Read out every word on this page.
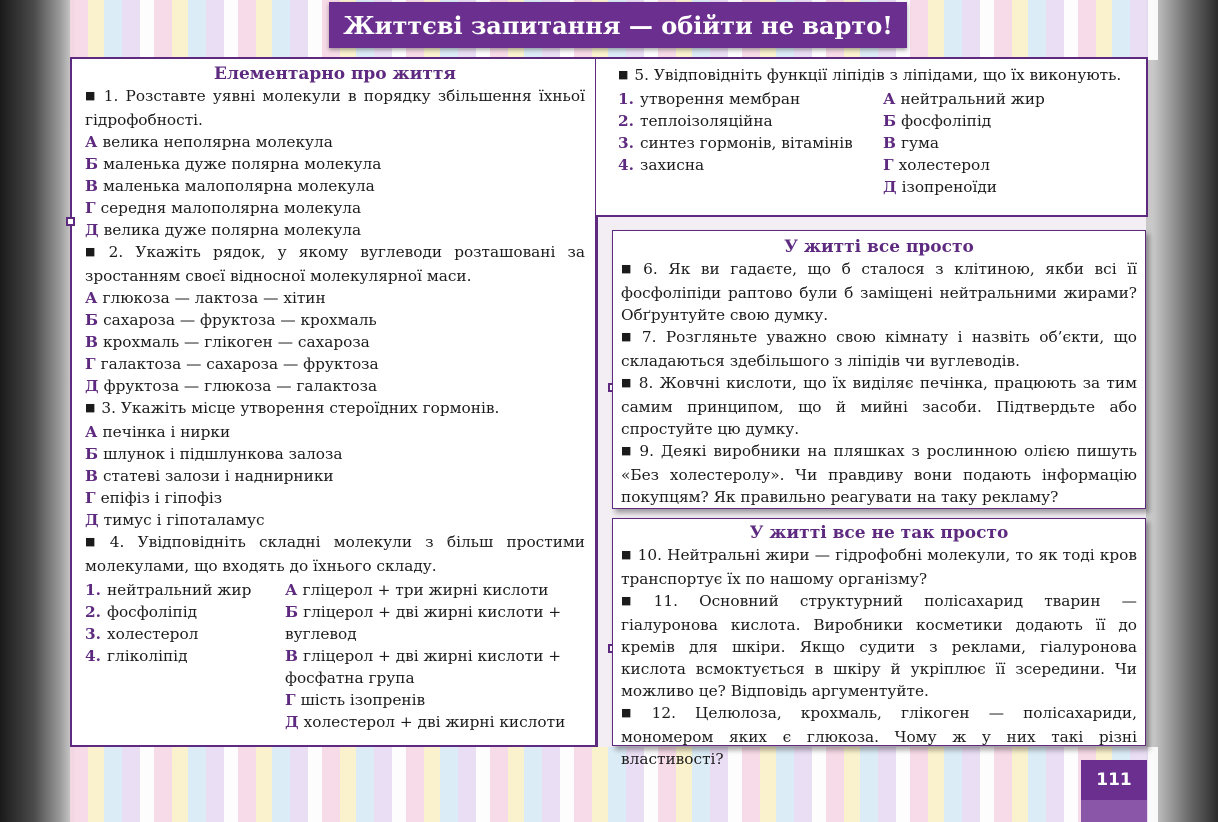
Життєві запитання — обійти не варто!
Елементарно про життя
■ 1. Розставте уявні молекули в порядку збільшення їхньої гідрофобності.
А велика неполярна молекула
Б маленька дуже полярна молекула
В маленька малополярна молекула
Г середня малополярна молекула
Д велика дуже полярна молекула
■ 2. Укажіть рядок, у якому вуглеводи розташовані за зростанням своєї відносної молекулярної маси.
А глюкоза — лактоза — хітин
Б сахароза — фруктоза — крохмаль
В крохмаль — глікоген — сахароза
Г галактоза — сахароза — фруктоза
Д фруктоза — глюкоза — галактоза
■ 3. Укажіть місце утворення стероїдних гормонів.
А печінка і нирки
Б шлунок і підшлункова залоза
В статеві залози і наднирники
Г епіфіз і гіпофіз
Д тимус і гіпоталамус
■ 4. Увідповідніть складні молекули з більш простими молекулами, що входять до їхнього складу.
1. нейтральний жир
2. фосфоліпід
3. холестерол
4. гліколіпід
А гліцерол + три жирні кислоти
Б гліцерол + дві жирні кислоти + вуглевод
В гліцерол + дві жирні кислоти + фосфатна група
Г шість ізопренів
Д холестерол + дві жирні кислоти
■ 5. Увідповідніть функції ліпідів з ліпідами, що їх виконують.
1. утворення мембран
2. теплоізоляційна
3. синтез гормонів, вітамінів
4. захисна
А нейтральний жир
Б фосфоліпід
В гума
Г холестерол
Д ізопреноїди
У житті все просто
■ 6. Як ви гадаєте, що б сталося з клітиною, якби всі її фосфоліпіди раптово були б заміщені нейтральними жирами? Обґрунтуйте свою думку.
■ 7. Розгляньте уважно свою кімнату і назвіть об’єкти, що складаються здебільшого з ліпідів чи вуглеводів.
■ 8. Жовчні кислоти, що їх виділяє печінка, працюють за тим самим принципом, що й мийні засоби. Підтвердьте або спростуйте цю думку.
■ 9. Деякі виробники на пляшках з рослинною олією пишуть «Без холестеролу». Чи правдиву вони подають інформацію покупцям? Як правильно реагувати на таку рекламу?
У житті все не так просто
■ 10. Нейтральні жири — гідрофобні молекули, то як тоді кров транспортує їх по нашому організму?
■ 11. Основний структурний полісахарид тварин — гіалуронова кислота. Виробники косметики додають її до кремів для шкіри. Якщо судити з реклами, гіалуронова кислота всмоктується в шкіру й укріплює її зсередини. Чи можливо це? Відповідь аргументуйте.
■ 12. Целюлоза, крохмаль, глікоген — полісахариди, мономером яких є глюкоза. Чому ж у них такі різні властивості?
111
